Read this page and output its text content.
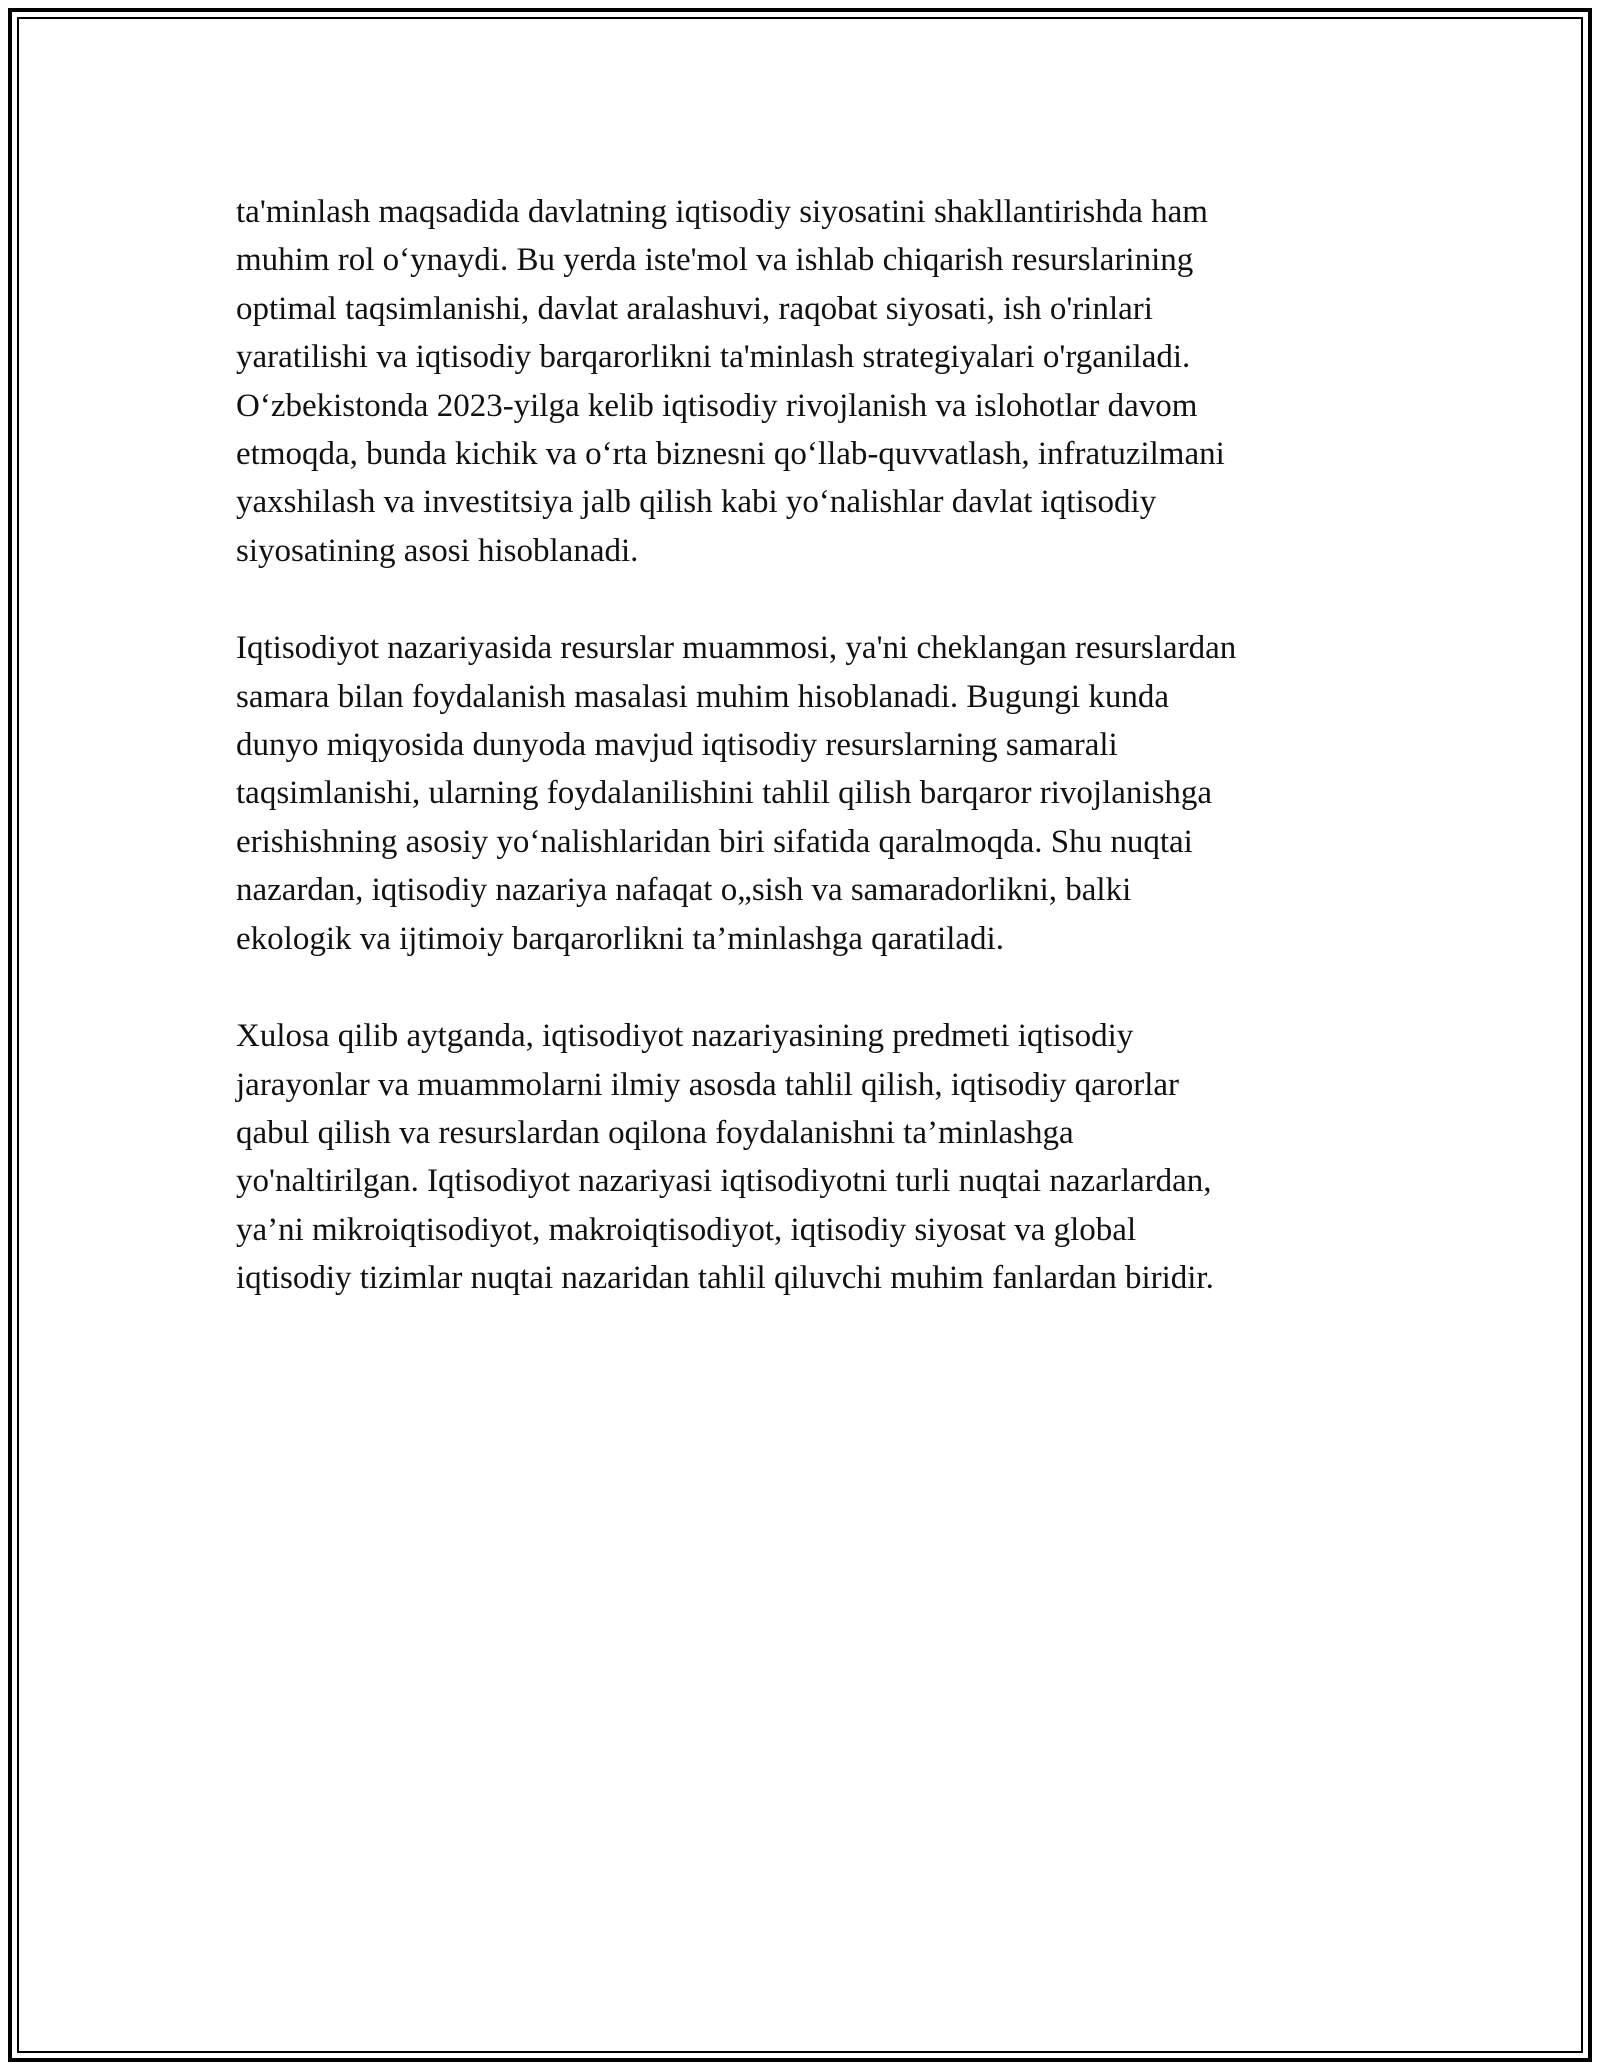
ta'minlash maqsadida davlatning iqtisodiy siyosatini shakllantirishda ham
muhim rol o‘ynaydi. Bu yerda iste'mol va ishlab chiqarish resurslarining
optimal taqsimlanishi, davlat aralashuvi, raqobat siyosati, ish o'rinlari
yaratilishi va iqtisodiy barqarorlikni ta'minlash strategiyalari o'rganiladi.
O‘zbekistonda 2023-yilga kelib iqtisodiy rivojlanish va islohotlar davom
etmoqda, bunda kichik va o‘rta biznesni qo‘llab-quvvatlash, infratuzilmani
yaxshilash va investitsiya jalb qilish kabi yo‘nalishlar davlat iqtisodiy
siyosatining asosi hisoblanadi.

Iqtisodiyot nazariyasida resurslar muammosi, ya'ni cheklangan resurslardan
samara bilan foydalanish masalasi muhim hisoblanadi. Bugungi kunda
dunyo miqyosida dunyoda mavjud iqtisodiy resurslarning samarali
taqsimlanishi, ularning foydalanilishini tahlil qilish barqaror rivojlanishga
erishishning asosiy yo‘nalishlaridan biri sifatida qaralmoqda. Shu nuqtai
nazardan, iqtisodiy nazariya nafaqat o„sish va samaradorlikni, balki
ekologik va ijtimoiy barqarorlikni ta’minlashga qaratiladi.

Xulosa qilib aytganda, iqtisodiyot nazariyasining predmeti iqtisodiy
jarayonlar va muammolarni ilmiy asosda tahlil qilish, iqtisodiy qarorlar
qabul qilish va resurslardan oqilona foydalanishni ta’minlashga
yo'naltirilgan. Iqtisodiyot nazariyasi iqtisodiyotni turli nuqtai nazarlardan,
ya’ni mikroiqtisodiyot, makroiqtisodiyot, iqtisodiy siyosat va global
iqtisodiy tizimlar nuqtai nazaridan tahlil qiluvchi muhim fanlardan biridir.
